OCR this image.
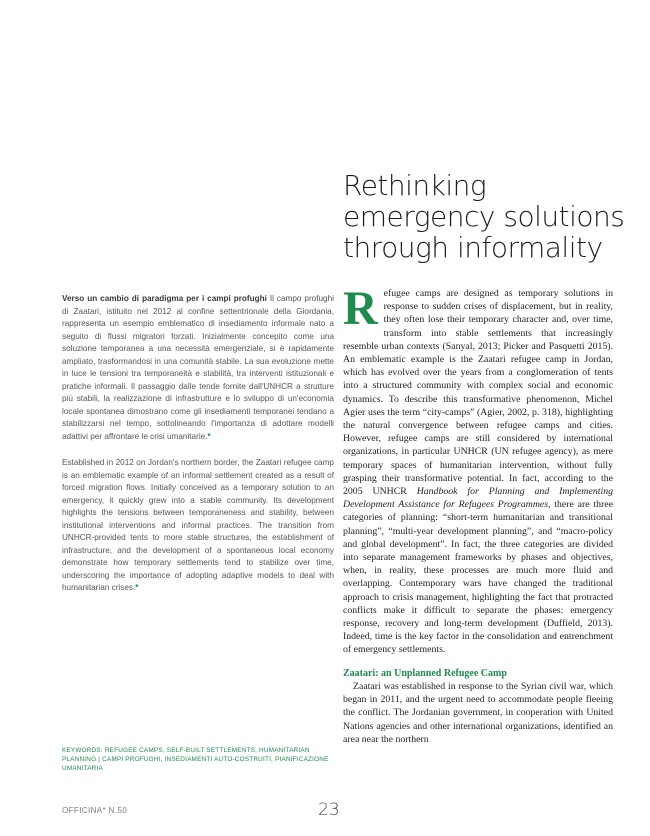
Rethinking emergency solutions through informality

Verso un cambio di paradigma per i campi profughi Il campo profughi di Zaatari, istituito nel 2012 al confine settentrionale della Giordania, rappresenta un esempio emblematico di insediamento informale nato a seguito di flussi migratori forzati. Inizialmente concepito come una soluzione temporanea a una necessità emergenziale, si è rapidamente ampliato, trasformandosi in una comunità stabile. La sua evoluzione mette in luce le tensioni tra temporaneità e stabilità, tra interventi istituzionali e pratiche informali. Il passaggio dalle tende fornite dall'UNHCR a strutture più stabili, la realizzazione di infrastrutture e lo sviluppo di un'economia locale spontanea dimostrano come gli insediamenti temporanei tendano a stabilizzarsi nel tempo, sottolineando l'importanza di adottare modelli adattivi per affrontare le crisi umanitarie.*

Established in 2012 on Jordan's northern border, the Zaatari refugee camp is an emblematic example of an informal settlement created as a result of forced migration flows. Initially conceived as a temporary solution to an emergency, it quickly grew into a stable community. Its development highlights the tensions between temporaneness and stability, between institutional interventions and informal practices. The transition from UNHCR-provided tents to more stable structures, the establishment of infrastructure, and the development of a spontaneous local economy demonstrate how temporary settlements tend to stabilize over time, underscoring the importance of adopting adaptive models to deal with humanitarian crises.*

KEYWORDS: REFUGEE CAMPS, SELF-BUILT SETTLEMENTS, HUMANITARIAN PLANNING | CAMPI PROFUGHI, INSEDIAMENTI AUTO-COSTRUITI, PIANIFICAZIONE UMANITARIA

Refugee camps are designed as temporary solutions in response to sudden crises of displacement, but in reality, they often lose their temporary character and, over time, transform into stable settlements that increasingly resemble urban contexts (Sanyal, 2013; Picker and Pasquetti 2015). An emblematic example is the Zaatari refugee camp in Jordan, which has evolved over the years from a conglomeration of tents into a structured community with complex social and economic dynamics. To describe this transformative phenomenon, Michel Agier uses the term “city-camps” (Agier, 2002, p. 318), highlighting the natural convergence between refugee camps and cities. However, refugee camps are still considered by international organizations, in particular UNHCR (UN refugee agency), as mere temporary spaces of humanitarian intervention, without fully grasping their transformative potential. In fact, according to the 2005 UNHCR Handbook for Planning and Implementing Development Assistance for Refugees Programmes, there are three categories of planning: “short-term humanitarian and transitional planning”, “multi-year development planning”, and “macro-policy and global development”. In fact, the three categories are divided into separate management frameworks by phases and objectives, when, in reality, these processes are much more fluid and overlapping. Contemporary wars have changed the traditional approach to crisis management, highlighting the fact that protracted conflicts make it difficult to separate the phases: emergency response, recovery and long-term development (Duffield, 2013). Indeed, time is the key factor in the consolidation and entrenchment of emergency settlements.

Zaatari: an Unplanned Refugee Camp

Zaatari was established in response to the Syrian civil war, which began in 2011, and the urgent need to accommodate people fleeing the conflict. The Jordanian government, in cooperation with United Nations agencies and other international organizations, identified an area near the northern

OFFICINA* N.50	23
